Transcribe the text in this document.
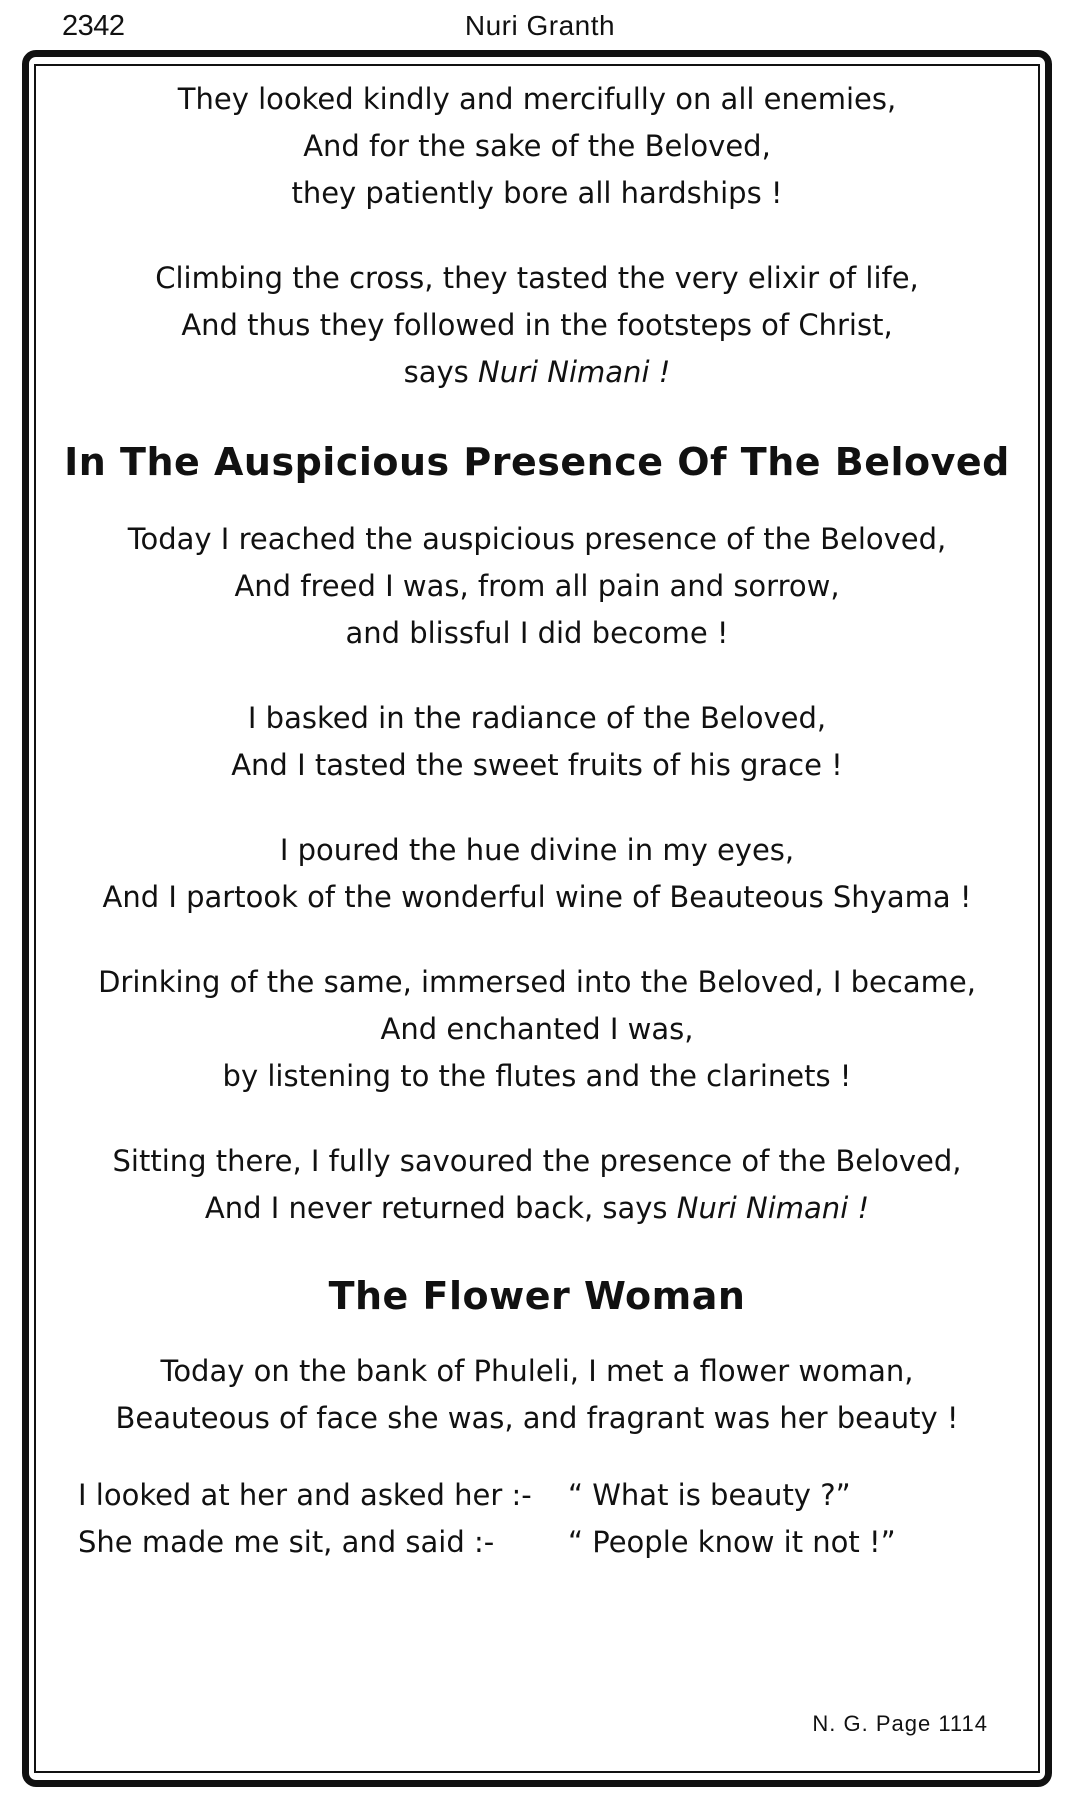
2342	Nuri Granth
They looked kindly and mercifully on all enemies,
And for the sake of the Beloved,
they patiently bore all hardships !
Climbing the cross, they tasted the very elixir of life,
And thus they followed in the footsteps of Christ,
says Nuri Nimani !
In The Auspicious Presence Of The Beloved
Today I reached the auspicious presence of the Beloved,
And freed I was, from all pain and sorrow,
and blissful I did become !
I basked in the radiance of the Beloved,
And I tasted the sweet fruits of his grace !
I poured the hue divine in my eyes,
And I partook of the wonderful wine of Beauteous Shyama !
Drinking of the same, immersed into the Beloved, I became,
And enchanted I was,
by listening to the flutes and the clarinets !
Sitting there, I fully savoured the presence of the Beloved,
And I never returned back, says Nuri Nimani !
The Flower Woman
Today on the bank of Phuleli, I met a flower woman,
Beauteous of face she was, and fragrant was her beauty !
I looked at her and asked her :- “ What is beauty ?”
She made me sit, and said :-	“ People know it not !”
N. G. Page 1114
